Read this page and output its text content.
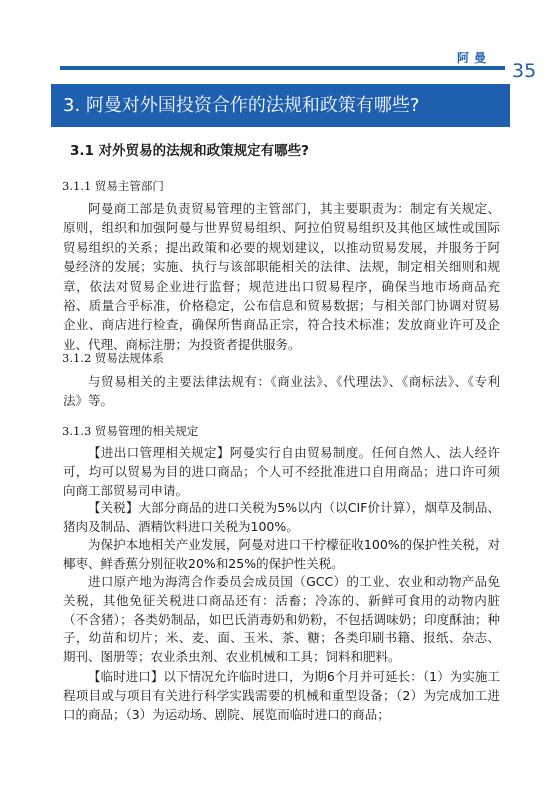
阿曼
35
3. 阿曼对外国投资合作的法规和政策有哪些?
3.1 对外贸易的法规和政策规定有哪些?
3.1.1 贸易主管部门

阿曼商工部是负责贸易管理的主管部门，其主要职责为：制定有关规定、原则，组织和加强阿曼与世界贸易组织、阿拉伯贸易组织及其他区域性或国际贸易组织的关系；提出政策和必要的规划建议，以推动贸易发展，并服务于阿曼经济的发展；实施、执行与该部职能相关的法律、法规，制定相关细则和规章，依法对贸易企业进行监督；规范进出口贸易程序，确保当地市场商品充裕、质量合乎标准，价格稳定，公布信息和贸易数据；与相关部门协调对贸易企业、商店进行检查，确保所售商品正宗，符合技术标准；发放商业许可及企业、代理、商标注册；为投资者提供服务。

3.1.2 贸易法规体系

与贸易相关的主要法律法规有：《商业法》、《代理法》、《商标法》、《专利法》等。

3.1.3 贸易管理的相关规定

【进出口管理相关规定】阿曼实行自由贸易制度。任何自然人、法人经许可，均可以贸易为目的进口商品；个人可不经批准进口自用商品；进口许可须向商工部贸易司申请。

【关税】大部分商品的进口关税为5%以内（以CIF价计算），烟草及制品、猪肉及制品、酒精饮料进口关税为100%。

为保护本地相关产业发展，阿曼对进口干柠檬征收100%的保护性关税，对椰枣、鲜香蕉分别征收20%和25%的保护性关税。

进口原产地为海湾合作委员会成员国（GCC）的工业、农业和动物产品免关税，其他免征关税进口商品还有：活畜；冷冻的、新鲜可食用的动物内脏（不含猪）；各类奶制品，如巴氏消毒奶和奶粉，不包括调味奶；印度酥油；种子，幼苗和切片；米、麦、面、玉米、茶、糖；各类印刷书籍、报纸、杂志、期刊、图册等；农业杀虫剂、农业机械和工具；饲料和肥料。

【临时进口】以下情况允许临时进口，为期6个月并可延长：（1）为实施工程项目或与项目有关进行科学实践需要的机械和重型设备；（2）为完成加工进口的商品；（3）为运动场、剧院、展览而临时进口的商品；
